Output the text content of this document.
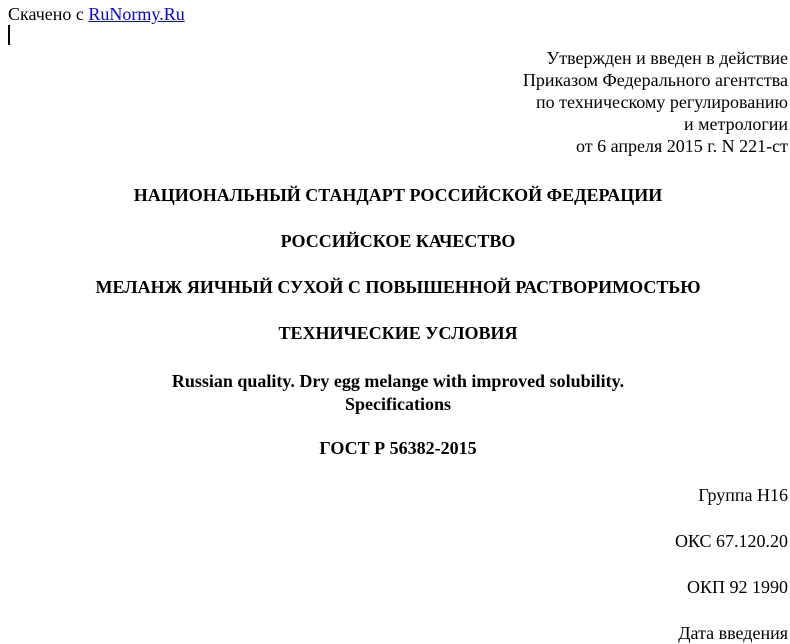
Скачено с RuNormy.Ru
Утвержден и введен в действие
Приказом Федерального агентства
по техническому регулированию
и метрологии
от 6 апреля 2015 г. N 221-ст
НАЦИОНАЛЬНЫЙ СТАНДАРТ РОССИЙСКОЙ ФЕДЕРАЦИИ
РОССИЙСКОЕ КАЧЕСТВО
МЕЛАНЖ ЯИЧНЫЙ СУХОЙ С ПОВЫШЕННОЙ РАСТВОРИМОСТЬЮ
ТЕХНИЧЕСКИЕ УСЛОВИЯ
Russian quality. Dry egg melange with improved solubility.
Specifications
ГОСТ Р 56382-2015
Группа Н16
ОКС 67.120.20
ОКП 92 1990
Дата введения
